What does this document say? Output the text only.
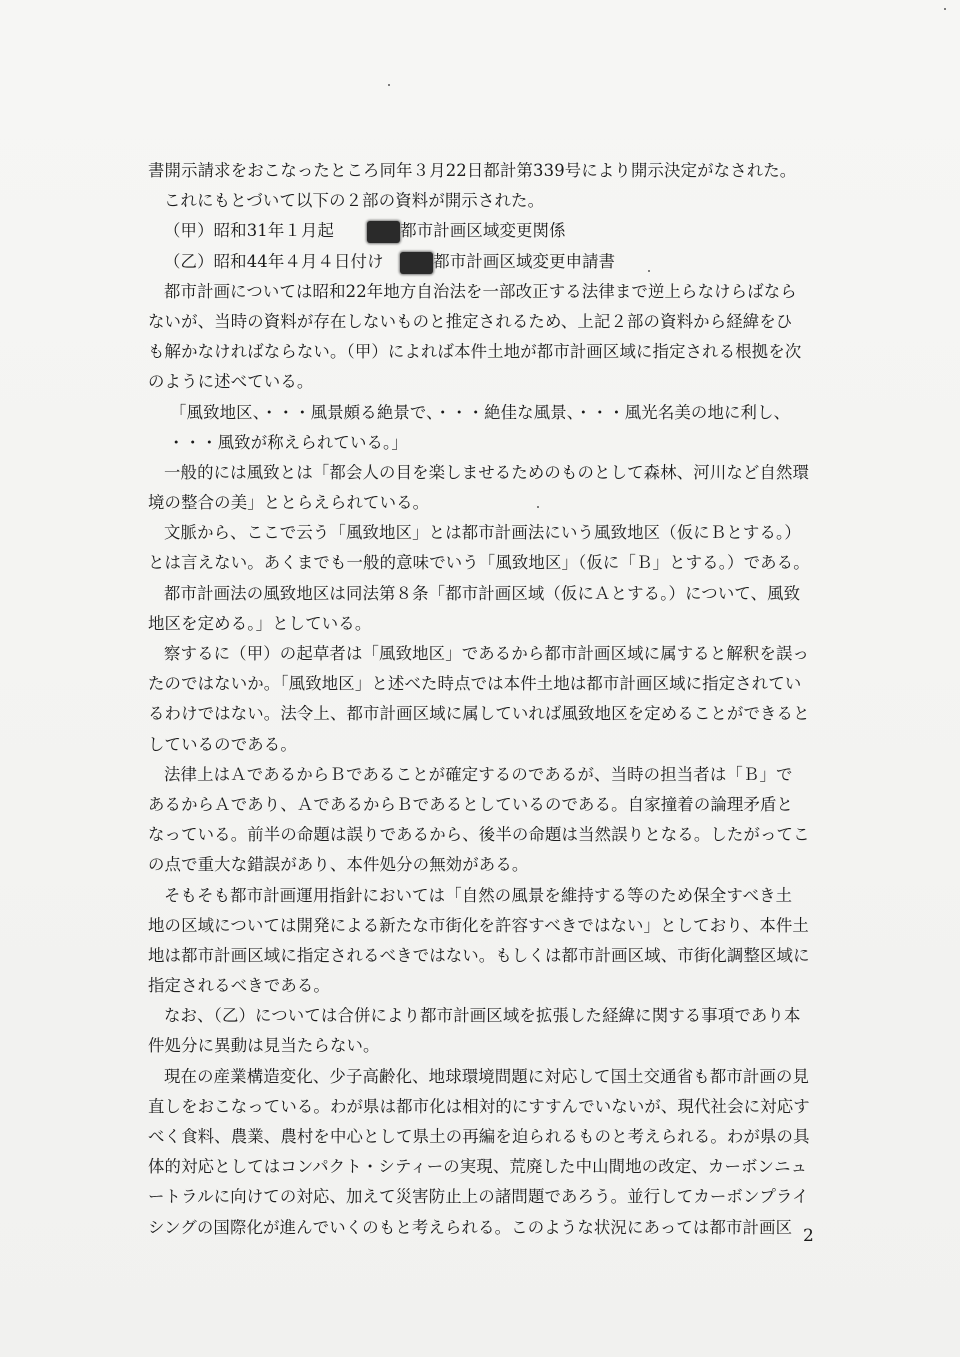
書開示請求をおこなったところ同年３月22日都計第339号により開示決定がなされた。
これにもとづいて以下の２部の資料が開示された。
（甲）昭和31年１月起　　都市計画区域変更関係
（乙）昭和44年４月４日付け　都市計画区域変更申請書
都市計画については昭和22年地方自治法を一部改正する法律まで逆上らなけらばなら
ないが、当時の資料が存在しないものと推定されるため、上記２部の資料から経緯をひ
も解かなければならない。（甲）によれば本件土地が都市計画区域に指定される根拠を次
のように述べている。
「風致地区、・・・風景頗る絶景で、・・・絶佳な風景、・・・風光名美の地に利し、
・・・風致が称えられている。」
一般的には風致とは「都会人の目を楽しませるためのものとして森林、河川など自然環
境の整合の美」ととらえられている。
文脈から、ここで云う「風致地区」とは都市計画法にいう風致地区（仮にＢとする。）
とは言えない。あくまでも一般的意味でいう「風致地区」（仮に「Ｂ」とする。）である。
都市計画法の風致地区は同法第８条「都市計画区域（仮にＡとする。）について、風致
地区を定める。」としている。
察するに（甲）の起草者は「風致地区」であるから都市計画区域に属すると解釈を誤っ
たのではないか。「風致地区」と述べた時点では本件土地は都市計画区域に指定されてい
るわけではない。法令上、都市計画区域に属していれば風致地区を定めることができると
しているのである。
法律上はＡであるからＢであることが確定するのであるが、当時の担当者は「Ｂ」で
あるからＡであり、ＡであるからＢであるとしているのである。自家撞着の論理矛盾と
なっている。前半の命題は誤りであるから、後半の命題は当然誤りとなる。したがってこ
の点で重大な錯誤があり、本件処分の無効がある。
そもそも都市計画運用指針においては「自然の風景を維持する等のため保全すべき土
地の区域については開発による新たな市街化を許容すべきではない」としており、本件土
地は都市計画区域に指定されるべきではない。もしくは都市計画区域、市街化調整区域に
指定されるべきである。
なお、（乙）については合併により都市計画区域を拡張した経緯に関する事項であり本
件処分に異動は見当たらない。
現在の産業構造変化、少子高齢化、地球環境問題に対応して国土交通省も都市計画の見
直しをおこなっている。わが県は都市化は相対的にすすんでいないが、現代社会に対応す
べく食料、農業、農村を中心として県土の再編を迫られるものと考えられる。わが県の具
体的対応としてはコンパクト・シティーの実現、荒廃した中山間地の改定、カーボンニュ
ートラルに向けての対応、加えて災害防止上の諸問題であろう。並行してカーボンプライ
シングの国際化が進んでいくのもと考えられる。このような状況にあっては都市計画区 2
